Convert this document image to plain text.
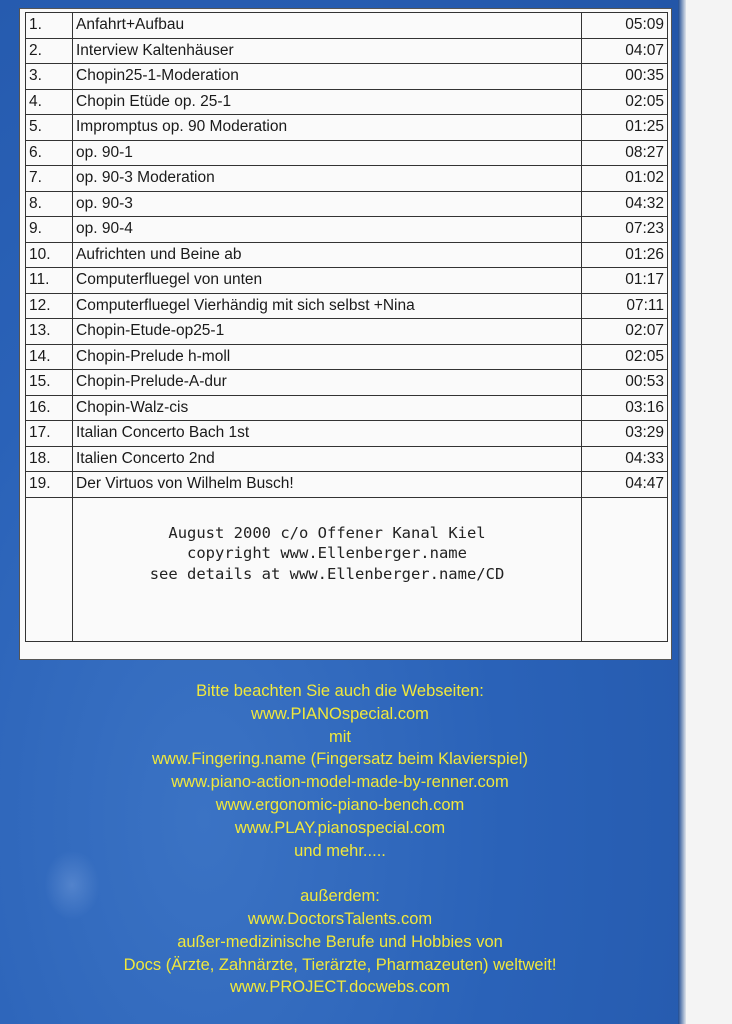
1.	Anfahrt+Aufbau	05:09
2.	Interview Kaltenhäuser	04:07
3.	Chopin25-1-Moderation	00:35
4.	Chopin Etüde op. 25-1	02:05
5.	Impromptus op. 90 Moderation	01:25
6.	op. 90-1	08:27
7.	op. 90-3 Moderation	01:02
8.	op. 90-3	04:32
9.	op. 90-4	07:23
10.	Aufrichten und Beine ab	01:26
11.	Computerfluegel von unten	01:17
12.	Computerfluegel Vierhändig mit sich selbst +Nina	07:11
13.	Chopin-Etude-op25-1	02:07
14.	Chopin-Prelude h-moll	02:05
15.	Chopin-Prelude-A-dur	00:53
16.	Chopin-Walz-cis	03:16
17.	Italian Concerto Bach 1st	03:29
18.	Italien Concerto 2nd	04:33
19.	Der Virtuos von Wilhelm Busch!	04:47

	August 2000 c/o Offener Kanal Kiel
copyright www.Ellenberger.name
see details at www.Ellenberger.name/CD	

Bitte beachten Sie auch die Webseiten:
www.PIANOspecial.com
mit
www.Fingering.name (Fingersatz beim Klavierspiel)
www.piano-action-model-made-by-renner.com
www.ergonomic-piano-bench.com
www.PLAY.pianospecial.com
und mehr.....
außerdem:
www.DoctorsTalents.com
außer-medizinische Berufe und Hobbies von
Docs (Ärzte, Zahnärzte, Tierärzte, Pharmazeuten) weltweit!
www.PROJECT.docwebs.com
